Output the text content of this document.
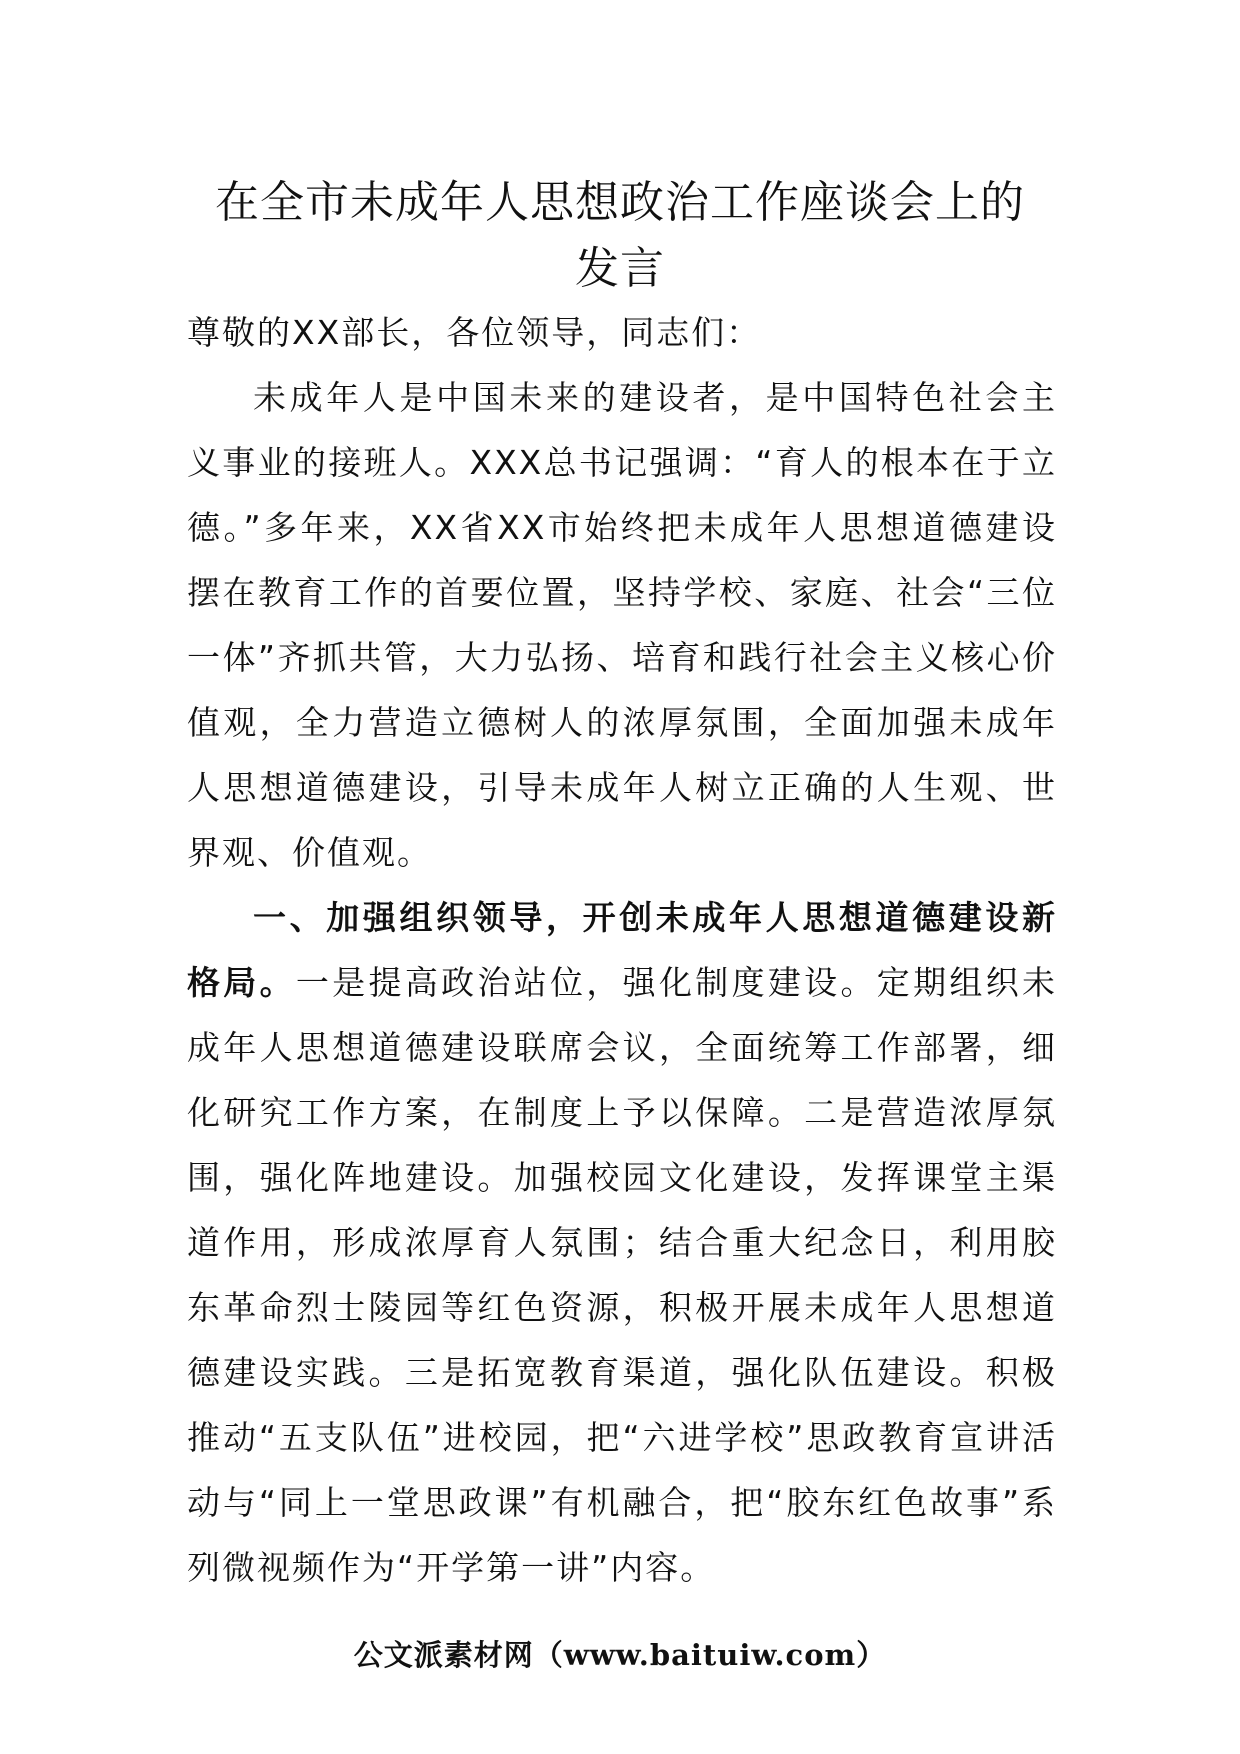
在全市未成年人思想政治工作座谈会上的
发言

尊敬的XX部长，各位领导，同志们：

未成年人是中国未来的建设者，是中国特色社会主义事业的接班人。XXX总书记强调：“育人的根本在于立德。”多年来，XX省XX市始终把未成年人思想道德建设摆在教育工作的首要位置，坚持学校、家庭、社会“三位一体”齐抓共管，大力弘扬、培育和践行社会主义核心价值观，全力营造立德树人的浓厚氛围，全面加强未成年人思想道德建设，引导未成年人树立正确的人生观、世界观、价值观。

一、加强组织领导，开创未成年人思想道德建设新格局。一是提高政治站位，强化制度建设。定期组织未成年人思想道德建设联席会议，全面统筹工作部署，细化研究工作方案，在制度上予以保障。二是营造浓厚氛围，强化阵地建设。加强校园文化建设，发挥课堂主渠道作用，形成浓厚育人氛围；结合重大纪念日，利用胶东革命烈士陵园等红色资源，积极开展未成年人思想道德建设实践。三是拓宽教育渠道，强化队伍建设。积极推动“五支队伍”进校园，把“六进学校”思政教育宣讲活动与“同上一堂思政课”有机融合，把“胶东红色故事”系列微视频作为“开学第一讲”内容。

公文派素材网（www.baituiw.com）
